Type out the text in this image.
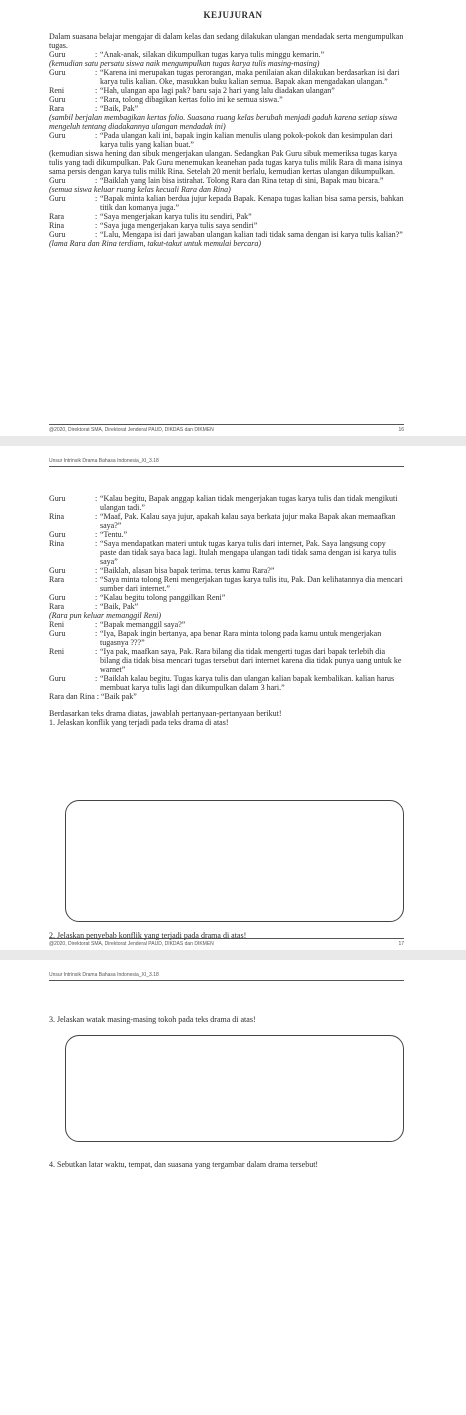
KEJUJURAN
Dalam suasana belajar mengajar di dalam kelas dan sedang dilakukan ulangan mendadak serta mengumpulkan tugas.
Guru	: “Anak-anak, silakan dikumpulkan tugas karya tulis minggu kemarin.”
(kemudian satu persatu siswa naik mengumpulkan tugas karya tulis masing-masing)
Guru	: “Karena ini merupakan tugas perorangan, maka penilaian akan dilakukan berdasarkan isi dari karya tulis kalian. Oke, masukkan buku kalian semua. Bapak akan mengadakan ulangan.”
Reni	: “Hah, ulangan apa lagi pak? baru saja 2 hari yang lalu diadakan ulangan”
Guru	: “Rara, tolong dibagikan kertas folio ini ke semua siswa.”
Rara	: “Baik, Pak”
(sambil berjalan membagikan kertas folio. Suasana ruang kelas berubah menjadi gaduh karena setiap siswa mengeluh tentang diadakannya ulangan mendadak ini)
Guru	: “Pada ulangan kali ini, bapak ingin kalian menulis ulang pokok-pokok dan kesimpulan dari karya tulis yang kalian buat.”
(kemudian siswa hening dan sibuk mengerjakan ulangan. Sedangkan Pak Guru sibuk memeriksa tugas karya tulis yang tadi dikumpulkan. Pak Guru menemukan keanehan pada tugas karya tulis milik Rara di mana isinya sama persis dengan karya tulis milik Rina. Setelah 20 menit berlalu, kemudian kertas ulangan dikumpulkan.
Guru	: “Baiklah yang lain bisa istirahat. Tolong Rara dan Rina tetap di sini, Bapak mau bicara.”
(semua siswa keluar ruang kelas kecuali Rara dan Rina)
Guru	: “Bapak minta kalian berdua jujur kepada Bapak. Kenapa tugas kalian bisa sama persis, bahkan titik dan komanya juga.”
Rara	: “Saya mengerjakan karya tulis itu sendiri, Pak”
Rina	: “Saya juga mengerjakan karya tulis saya sendiri”
Guru	: “Lalu, Mengapa isi dari jawaban ulangan kalian tadi tidak sama dengan isi karya tulis kalian?”
(lama Rara dan Rina terdiam, takut-takut untuk memulai bercara)
@2020, Direktorat SMA, Direktorat Jenderal PAUD, DIKDAS dan DIKMEN	16
Unsur Intrinsik Drama Bahasa Indonesia_XI_3.18
Guru	: “Kalau begitu, Bapak anggap kalian tidak mengerjakan tugas karya tulis dan tidak mengikuti ulangan tadi.”
Rina	: “Maaf, Pak. Kalau saya jujur, apakah kalau saya berkata jujur maka Bapak akan memaafkan saya?”
Guru	: “Tentu.”
Rina	: “Saya mendapatkan materi untuk tugas karya tulis dari internet, Pak. Saya langsung copy paste dan tidak saya baca lagi. Itulah mengapa ulangan tadi tidak sama dengan isi karya tulis saya”
Guru	: “Baiklah, alasan bisa bapak terima. terus kamu Rara?”
Rara	: “Saya minta tolong Reni mengerjakan tugas karya tulis itu, Pak. Dan kelihatannya dia mencari sumber dari internet.”
Guru	: “Kalau begitu tolong panggilkan Reni”
Rara	: “Baik, Pak”
(Rara pun keluar memanggil Reni)
Reni	: “Bapak memanggil saya?”
Guru	: “Iya, Bapak ingin bertanya, apa benar Rara minta tolong pada kamu untuk mengerjakan tugasnya ???”
Reni	: “Iya pak, maafkan saya, Pak. Rara bilang dia tidak mengerti tugas dari bapak terlebih dia bilang dia tidak bisa mencari tugas tersebut dari internet karena dia tidak punya uang untuk ke warnet”
Guru	: “Baiklah kalau begitu. Tugas karya tulis dan ulangan kalian bapak kembalikan. kalian harus membuat karya tulis lagi dan dikumpulkan dalam 3 hari.”
Rara dan Rina : “Baik pak”
Berdasarkan teks drama diatas, jawablah pertanyaan-pertanyaan berikut!
1. Jelaskan konflik yang terjadi pada teks drama di atas!
2. Jelaskan penyebab konflik yang terjadi pada drama di atas!
@2020, Direktorat SMA, Direktorat Jenderal PAUD, DIKDAS dan DIKMEN	17
Unsur Intrinsik Drama Bahasa Indonesia_XI_3.18
3. Jelaskan watak masing-masing tokoh pada teks drama di atas!
4. Sebutkan latar waktu, tempat, dan suasana yang tergambar dalam drama tersebut!
